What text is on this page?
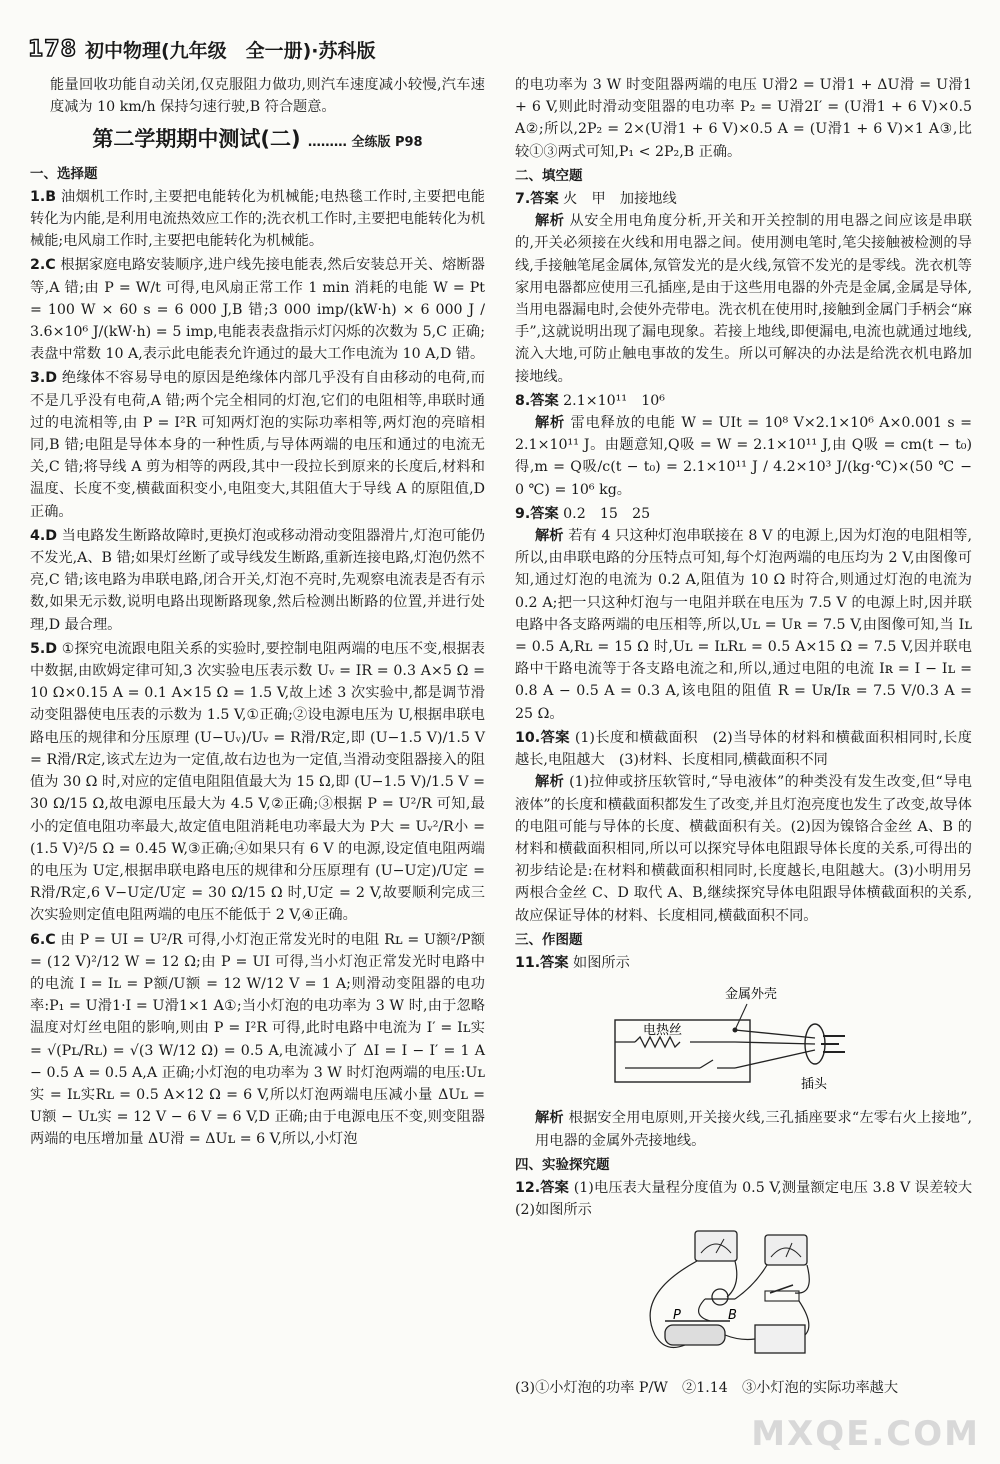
178 初中物理(九年级　全一册)·苏科版
能量回收功能自动关闭,仅克服阻力做功,则汽车速度减小较慢,汽车速度减为 10 km/h 保持匀速行驶,B 符合题意。
第二学期期中测试(二) ……… 全练版 P98
一、选择题
1.B 油烟机工作时,主要把电能转化为机械能;电热毯工作时,主要把电能转化为内能,是利用电流热效应工作的;洗衣机工作时,主要把电能转化为机械能;电风扇工作时,主要把电能转化为机械能。
2.C 根据家庭电路安装顺序,进户线先接电能表,然后安装总开关、熔断器等,A 错;由 P = W/t 可得,电风扇正常工作 1 min 消耗的电能 W = Pt = 100 W × 60 s = 6 000 J,B 错;3 000 imp/(kW·h) × 6 000 J / 3.6×10⁶ J/(kW·h) = 5 imp,电能表表盘指示灯闪烁的次数为 5,C 正确;表盘中常数 10 A,表示此电能表允许通过的最大工作电流为 10 A,D 错。
3.D 绝缘体不容易导电的原因是绝缘体内部几乎没有自由移动的电荷,而不是几乎没有电荷,A 错;两个完全相同的灯泡,它们的电阻相等,串联时通过的电流相等,由 P = I²R 可知两灯泡的实际功率相等,两灯泡的亮暗相同,B 错;电阻是导体本身的一种性质,与导体两端的电压和通过的电流无关,C 错;将导线 A 剪为相等的两段,其中一段拉长到原来的长度后,材料和温度、长度不变,横截面积变小,电阻变大,其阻值大于导线 A 的原阻值,D 正确。
4.D 当电路发生断路故障时,更换灯泡或移动滑动变阻器滑片,灯泡可能仍不发光,A、B 错;如果灯丝断了或导线发生断路,重新连接电路,灯泡仍然不亮,C 错;该电路为串联电路,闭合开关,灯泡不亮时,先观察电流表是否有示数,如果无示数,说明电路出现断路现象,然后检测出断路的位置,并进行处理,D 最合理。
5.D ①探究电流跟电阻关系的实验时,要控制电阻两端的电压不变,根据表中数据,由欧姆定律可知,3 次实验电压表示数 Uᵥ = IR = 0.3 A×5 Ω = 10 Ω×0.15 A = 0.1 A×15 Ω = 1.5 V,故上述 3 次实验中,都是调节滑动变阻器使电压表的示数为 1.5 V,①正确;②设电源电压为 U,根据串联电路电压的规律和分压原理 (U−Uᵥ)/Uᵥ = R滑/R定,即 (U−1.5 V)/1.5 V = R滑/R定,该式左边为一定值,故右边也为一定值,当滑动变阻器接入的阻值为 30 Ω 时,对应的定值电阻阻值最大为 15 Ω,即 (U−1.5 V)/1.5 V = 30 Ω/15 Ω,故电源电压最大为 4.5 V,②正确;③根据 P = U²/R 可知,最小的定值电阻功率最大,故定值电阻消耗电功率最大为 P大 = Uᵥ²/R小 = (1.5 V)²/5 Ω = 0.45 W,③正确;④如果只有 6 V 的电源,设定值电阻两端的电压为 U定,根据串联电路电压的规律和分压原理有 (U−U定)/U定 = R滑/R定,6 V−U定/U定 = 30 Ω/15 Ω 时,U定 = 2 V,故要顺利完成三次实验则定值电阻两端的电压不能低于 2 V,④正确。
6.C 由 P = UI = U²/R 可得,小灯泡正常发光时的电阻 Rʟ = U额²/P额 = (12 V)²/12 W = 12 Ω;由 P = UI 可得,当小灯泡正常发光时电路中的电流 I = Iʟ = P额/U额 = 12 W/12 V = 1 A;则滑动变阻器的电功率:P₁ = U滑1·I = U滑1×1 A①;当小灯泡的电功率为 3 W 时,由于忽略温度对灯丝电阻的影响,则由 P = I²R 可得,此时电路中电流为 I′ = Iʟ实 = √(Pʟ/Rʟ) = √(3 W/12 Ω) = 0.5 A,电流减小了 ΔI = I − I′ = 1 A − 0.5 A = 0.5 A,A 正确;小灯泡的电功率为 3 W 时灯泡两端的电压:Uʟ实 = Iʟ实Rʟ = 0.5 A×12 Ω = 6 V,所以灯泡两端电压减小量 ΔUʟ = U额 − Uʟ实 = 12 V − 6 V = 6 V,D 正确;由于电源电压不变,则变阻器两端的电压增加量 ΔU滑 = ΔUʟ = 6 V,所以,小灯泡
的电功率为 3 W 时变阻器两端的电压 U滑2 = U滑1 + ΔU滑 = U滑1 + 6 V,则此时滑动变阻器的电功率 P₂ = U滑2I′ = (U滑1 + 6 V)×0.5 A②;所以,2P₂ = 2×(U滑1 + 6 V)×0.5 A = (U滑1 + 6 V)×1 A③,比较①③两式可知,P₁ < 2P₂,B 正确。
二、填空题
7.答案 火　甲　加接地线
解析 从安全用电角度分析,开关和开关控制的用电器之间应该是串联的,开关必须接在火线和用电器之间。使用测电笔时,笔尖接触被检测的导线,手接触笔尾金属体,氖管发光的是火线,氖管不发光的是零线。洗衣机等家用电器都应使用三孔插座,是由于这些用电器的外壳是金属,金属是导体,当用电器漏电时,会使外壳带电。洗衣机在使用时,接触到金属门手柄会“麻手”,这就说明出现了漏电现象。若接上地线,即便漏电,电流也就通过地线,流入大地,可防止触电事故的发生。所以可解决的办法是给洗衣机电路加接地线。
8.答案 2.1×10¹¹　10⁶
解析 雷电释放的电能 W = UIt = 10⁸ V×2.1×10⁶ A×0.001 s = 2.1×10¹¹ J。由题意知,Q吸 = W = 2.1×10¹¹ J,由 Q吸 = cm(t − t₀) 得,m = Q吸/c(t − t₀) = 2.1×10¹¹ J / 4.2×10³ J/(kg·℃)×(50 ℃ − 0 ℃) = 10⁶ kg。
9.答案 0.2　15　25
解析 若有 4 只这种灯泡串联接在 8 V 的电源上,因为灯泡的电阻相等,所以,由串联电路的分压特点可知,每个灯泡两端的电压均为 2 V,由图像可知,通过灯泡的电流为 0.2 A,阻值为 10 Ω 时符合,则通过灯泡的电流为 0.2 A;把一只这种灯泡与一电阻并联在电压为 7.5 V 的电源上时,因并联电路中各支路两端的电压相等,所以,Uʟ = Uʀ = 7.5 V,由图像可知,当 Iʟ = 0.5 A,Rʟ = 15 Ω 时,Uʟ = IʟRʟ = 0.5 A×15 Ω = 7.5 V,因并联电路中干路电流等于各支路电流之和,所以,通过电阻的电流 Iʀ = I − Iʟ = 0.8 A − 0.5 A = 0.3 A,该电阻的阻值 R = Uʀ/Iʀ = 7.5 V/0.3 A = 25 Ω。
10.答案 (1)长度和横截面积　(2)当导体的材料和横截面积相同时,长度越长,电阻越大　(3)材料、长度相同,横截面积不同
解析 (1)拉伸或挤压软管时,“导电液体”的种类没有发生改变,但“导电液体”的长度和横截面积都发生了改变,并且灯泡亮度也发生了改变,故导体的电阻可能与导体的长度、横截面积有关。(2)因为镍铬合金丝 A、B 的材料和横截面积相同,所以可以探究导体电阻跟导体长度的关系,可得出的初步结论是:在材料和横截面积相同时,长度越长,电阻越大。(3)小明用另两根合金丝 C、D 取代 A、B,继续探究导体电阻跟导体横截面积的关系,故应保证导体的材料、长度相同,横截面积不同。
三、作图题
11.答案 如图所示
金属外壳
电热丝
插头
解析 根据安全用电原则,开关接火线,三孔插座要求“左零右火上接地”,用电器的金属外壳接地线。
四、实验探究题
12.答案 (1)电压表大量程分度值为 0.5 V,测量额定电压 3.8 V 误差较大　(2)如图所示
P	B
(3)①小灯泡的功率 P/W　②1.14　③小灯泡的实际功率越大
MXQE.COM
